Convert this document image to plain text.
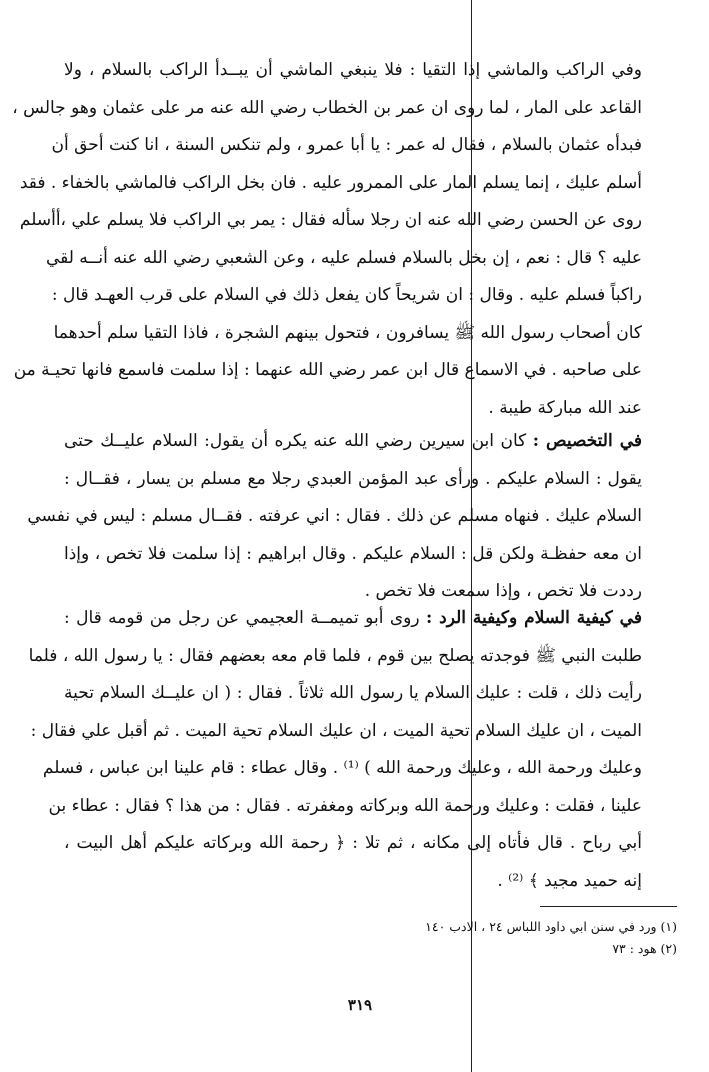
وفي الراكب والماشي إذا التقيا : فلا ينبغي الماشي أن يبــدأ الراكب بالسلام ، ولا
القاعد على المار ، لما روى ان عمر بن الخطاب رضي الله عنه مر على عثمان وهو جالس ،
فبدأه عثمان بالسلام ، فقال له عمر : يا أبا عمرو ، ولم تنكس السنة ، انا كنت أحق أن
أسلم عليك ، إنما يسلم المار على الممرور عليه . فان بخل الراكب فالماشي بالخفاء . فقد
روى عن الحسن رضي الله عنه ان رجلا سأله فقال : يمر بي الراكب فلا يسلم علي ،أأسلم
عليه ؟ قال : نعم ، إن بخل بالسلام فسلم عليه ، وعن الشعبي رضي الله عنه أنــه لقي
راكباً فسلم عليه . وقال : ان شريحاً كان يفعل ذلك في السلام على قرب العهـد قال :
كان أصحاب رسول الله ﷺ يسافرون ، فتحول بينهم الشجرة ، فاذا التقيا سلم أحدهما
على صاحبه . في الاسماع قال ابن عمر رضي الله عنهما : إذا سلمت فاسمع فانها تحيـة من
عند الله مباركة طيبة .
في التخصيص : كان ابن سيرين رضي الله عنه يكره أن يقول: السلام عليــك حتى
يقول : السلام عليكم . ورأى عبد المؤمن العبدي رجلا مع مسلم بن يسار ، فقــال :
السلام عليك . فنهاه مسلم عن ذلك . فقال : اني عرفته . فقــال مسلم : ليس في نفسي
ان معه حفظـة ولكن قل : السلام عليكم . وقال ابراهيم : إذا سلمت فلا تخص ، وإذا
رددت فلا تخص ، وإذا سمعت فلا تخص .
في كيفية السلام وكيفية الرد : روى أبو تميمــة العجيمي عن رجل من قومه قال :
طلبت النبي ﷺ فوجدته يصلح بين قوم ، فلما قام معه بعضهم فقال : يا رسول الله ، فلما
رأيت ذلك ، قلت : عليك السلام يا رسول الله ثلاثاً . فقال : ( ان عليــك السلام تحية
الميت ، ان عليك السلام تحية الميت ، ان عليك السلام تحية الميت . ثم أقبل علي فقال :
وعليك ورحمة الله ، وعليك ورحمة الله ) ⁽¹⁾ . وقال عطاء : قام علينا ابن عباس ، فسلم
علينا ، فقلت : وعليك ورحمة الله وبركاته ومغفرته . فقال : من هذا ؟ فقال : عطاء بن
أبي رباح . قال فأتاه إلى مكانه ، ثم تلا : ﴿ رحمة الله وبركاته عليكم أهل البيت ،
إنه حميد مجيد ﴾ ⁽²⁾ .
(١) ورد في سنن ابي داود اللباس ٢٤ ، الادب ١٤٠
(٢) هود : ٧٣
٣١٩
